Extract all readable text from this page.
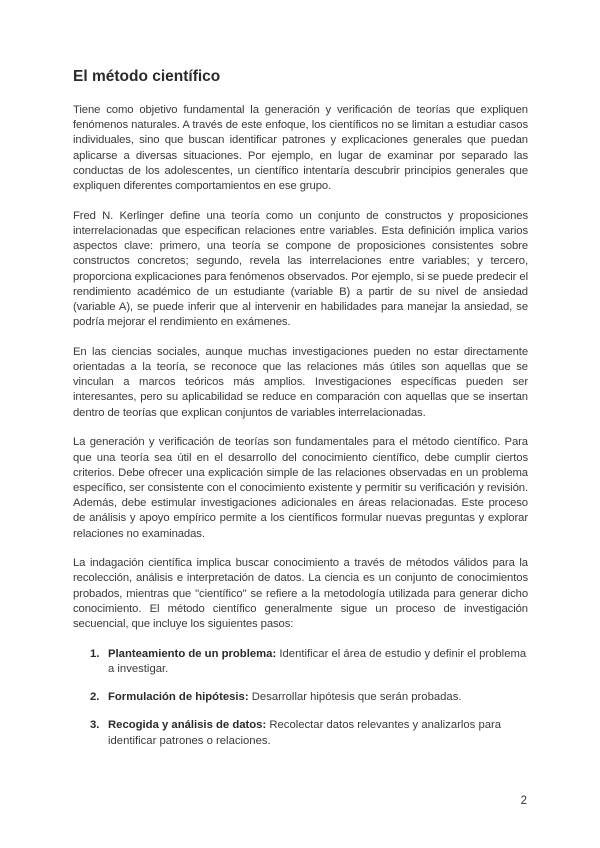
El método científico

Tiene como objetivo fundamental la generación y verificación de teorías que expliquen fenómenos naturales. A través de este enfoque, los científicos no se limitan a estudiar casos individuales, sino que buscan identificar patrones y explicaciones generales que puedan aplicarse a diversas situaciones. Por ejemplo, en lugar de examinar por separado las conductas de los adolescentes, un científico intentaría descubrir principios generales que expliquen diferentes comportamientos en ese grupo.

Fred N. Kerlinger define una teoría como un conjunto de constructos y proposiciones interrelacionadas que especifican relaciones entre variables. Esta definición implica varios aspectos clave: primero, una teoría se compone de proposiciones consistentes sobre constructos concretos; segundo, revela las interrelaciones entre variables; y tercero, proporciona explicaciones para fenómenos observados. Por ejemplo, si se puede predecir el rendimiento académico de un estudiante (variable B) a partir de su nivel de ansiedad (variable A), se puede inferir que al intervenir en habilidades para manejar la ansiedad, se podría mejorar el rendimiento en exámenes.

En las ciencias sociales, aunque muchas investigaciones pueden no estar directamente orientadas a la teoría, se reconoce que las relaciones más útiles son aquellas que se vinculan a marcos teóricos más amplios. Investigaciones específicas pueden ser interesantes, pero su aplicabilidad se reduce en comparación con aquellas que se insertan dentro de teorías que explican conjuntos de variables interrelacionadas.

La generación y verificación de teorías son fundamentales para el método científico. Para que una teoría sea útil en el desarrollo del conocimiento científico, debe cumplir ciertos criterios. Debe ofrecer una explicación simple de las relaciones observadas en un problema específico, ser consistente con el conocimiento existente y permitir su verificación y revisión. Además, debe estimular investigaciones adicionales en áreas relacionadas. Este proceso de análisis y apoyo empírico permite a los científicos formular nuevas preguntas y explorar relaciones no examinadas.

La indagación científica implica buscar conocimiento a través de métodos válidos para la recolección, análisis e interpretación de datos. La ciencia es un conjunto de conocimientos probados, mientras que "científico" se refiere a la metodología utilizada para generar dicho conocimiento. El método científico generalmente sigue un proceso de investigación secuencial, que incluye los siguientes pasos:

1. Planteamiento de un problema: Identificar el área de estudio y definir el problema a investigar.
2. Formulación de hipótesis: Desarrollar hipótesis que serán probadas.
3. Recogida y análisis de datos: Recolectar datos relevantes y analizarlos para identificar patrones o relaciones.
2
